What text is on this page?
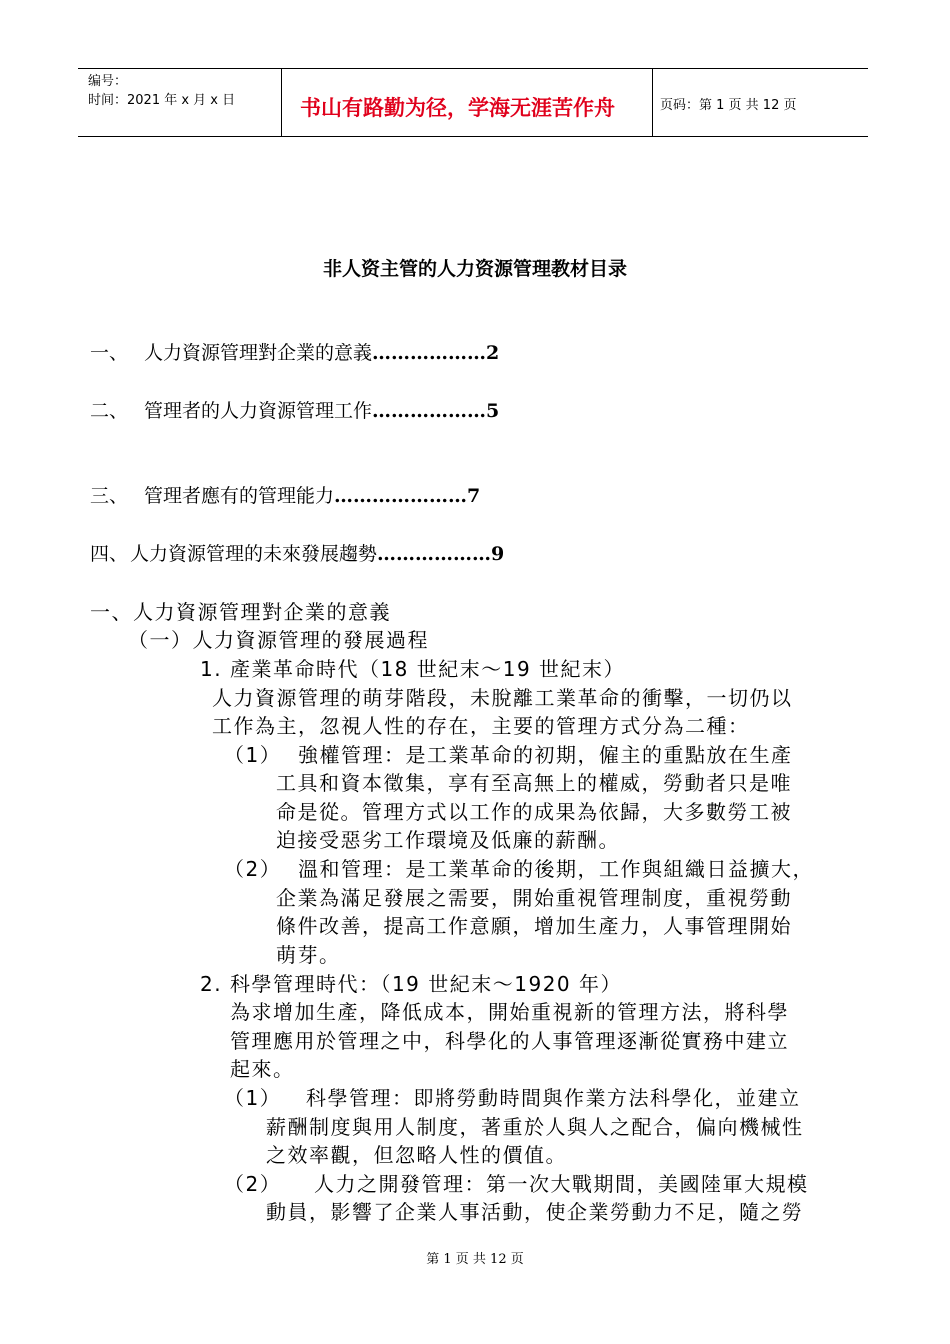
编号：
时间：2021 年 x 月 x 日	书山有路勤为径，学海无涯苦作舟	页码：第 1 页 共 12 页
非人资主管的人力资源管理教材目录
一、 人力資源管理對企業的意義………………2
二、 管理者的人力資源管理工作………………5
三、 管理者應有的管理能力…………………7
四、 人力資源管理的未來發展趨勢………………9
一、人力資源管理對企業的意義
（一）人力資源管理的發展過程
1. 產業革命時代（18 世紀末～19 世紀末）
人力資源管理的萌芽階段，未脫離工業革命的衝擊，一切仍以
工作為主，忽視人性的存在，主要的管理方式分為二種：
（1） 強權管理：是工業革命的初期，僱主的重點放在生產
工具和資本徵集，享有至高無上的權威，勞動者只是唯
命是從。管理方式以工作的成果為依歸，大多數勞工被
迫接受惡劣工作環境及低廉的薪酬。
（2） 溫和管理：是工業革命的後期，工作與組織日益擴大，
企業為滿足發展之需要，開始重視管理制度，重視勞動
條件改善，提高工作意願，增加生產力，人事管理開始
萌芽。
2. 科學管理時代：（19 世紀末～1920 年）
為求增加生產，降低成本，開始重視新的管理方法，將科學
管理應用於管理之中，科學化的人事管理逐漸從實務中建立
起來。
（1） 科學管理：即將勞動時間與作業方法科學化，並建立
薪酬制度與用人制度，著重於人與人之配合，偏向機械性
之效率觀，但忽略人性的價值。
（2） 人力之開發管理：第一次大戰期間，美國陸軍大規模
動員，影響了企業人事活動，使企業勞動力不足，隨之勞
第 1 页 共 12 页
